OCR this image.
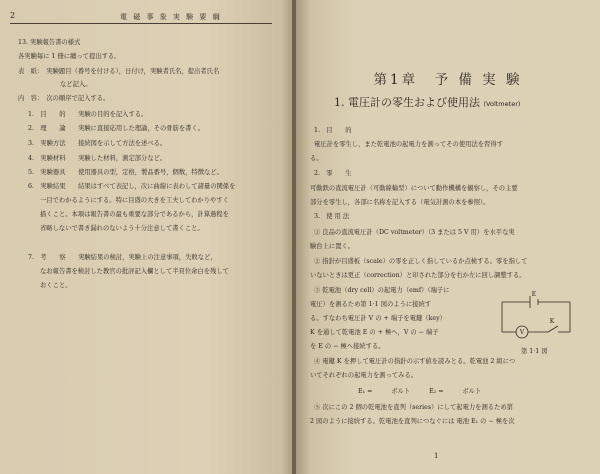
2	電 磁 事 象 実 験 要 綱
13. 実験報告書の様式
各実験毎に 1 冊に纏って提出する。
表　紙：　実験題目（番号を付ける），日付け，実験者氏名，提出者氏名
など記入。
内　容：　次の順序で記入する。
1.　目　　的　　実験の目的を記入する。
2.　理　　論　　実験に直接応用した理論，その骨筋を書く。
3.　実験方法　　接続図を示して方法を述べる。
4.　実験材料　　実験した材料，測定部分など。
5.　実験器具　　使用器具の型，定格，製品番号，個数，特徴など。
6.　実験結果　　結果はすべて表記し，次に曲線に表わして諸量の関係を
一目でわかるようにする。特に目盛の大きを工夫してわかりやすく
描くこと。本項は報告書の最も重要な部分であるから，計算過程を
省略しないで書き漏れのないよう十分注意して書くこと。
7.　考　　察　　実験結果の検討，実験上の注意事項，失敗など，
なお報告書を検討した教官の批評記入欄として半頁位余白を残して
おくこと。
第1章　予 備 実 験
1. 電圧計の零生および使用法 (Voltmeter)
1.　目　　的
電圧計を零生し，また乾電池の起電力を測ってその使用法を習得す
る。
2.　零　　生
可動鉄の直流電圧計（可動線輪型）について動作機構を観察し，その主要
部分を零生し，各部に名称を記入する（電気計測の本を参照）。
3.　使 用 法
① 良品の直流電圧計（DC voltmeter）（3 または 5 V 用）を水平な実
験台上に置く。
② 指針が目盛板（scale）の零を正しく指しているか点検する。零を指して
いないときは更正（correction）と印された部分を右か左に回し調整する。
③ 乾電池（dry cell）の起電力（emf）（端子に
電圧）を測るため第 1·1 図のように接続す
る。すなわち電圧計 V の + 端子を電鍵（key）
K を通して乾電池 E の + 極へ，V の − 端子
を E の − 極へ接続する。
④ 電鍵 K を押して電圧計の指針の示す値を読みとる。乾電池 2 組につ
いてそれぞれの起電力を測ってみる。
E₁ =　　　ボルト　　　E₂ =　　　ボルト
⑤ 次にこの 2 個の乾電池を直列（series）にして起電力を測るため第
2 図のように接続する。乾電池を直列につなぐには 電池 E₁ の − 極を次
E
V
K
第 1·1 図
1
